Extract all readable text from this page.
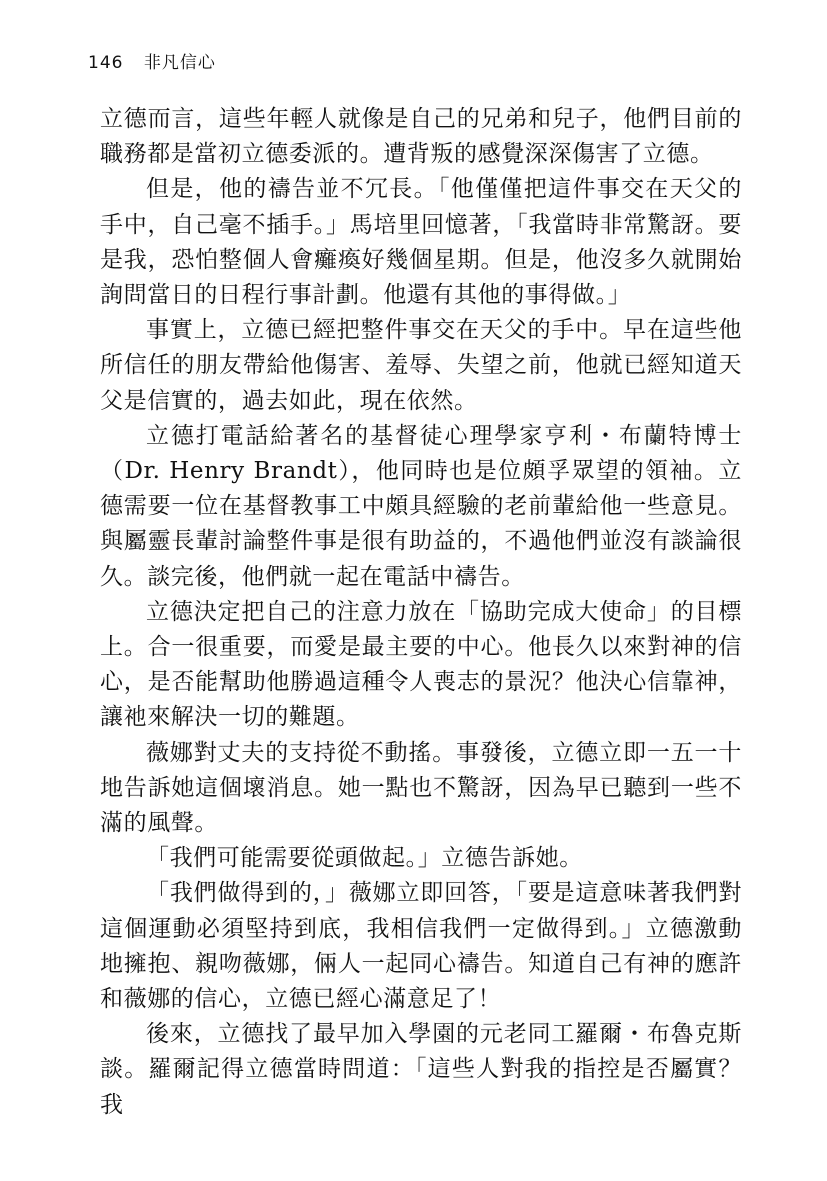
146 非凡信心

立德而言，這些年輕人就像是自己的兄弟和兒子，他們目前的職務都是當初立德委派的。遭背叛的感覺深深傷害了立德。

但是，他的禱告並不冗長。「他僅僅把這件事交在天父的手中，自己毫不插手。」馬培里回憶著，「我當時非常驚訝。要是我，恐怕整個人會癱瘓好幾個星期。但是，他沒多久就開始詢問當日的日程行事計劃。他還有其他的事得做。」

事實上，立德已經把整件事交在天父的手中。早在這些他所信任的朋友帶給他傷害、羞辱、失望之前，他就已經知道天父是信實的，過去如此，現在依然。

立德打電話給著名的基督徒心理學家亨利・布蘭特博士（Dr. Henry Brandt），他同時也是位頗孚眾望的領袖。立德需要一位在基督教事工中頗具經驗的老前輩給他一些意見。與屬靈長輩討論整件事是很有助益的，不過他們並沒有談論很久。談完後，他們就一起在電話中禱告。

立德決定把自己的注意力放在「協助完成大使命」的目標上。合一很重要，而愛是最主要的中心。他長久以來對神的信心，是否能幫助他勝過這種令人喪志的景況？他決心信靠神，讓祂來解決一切的難題。

薇娜對丈夫的支持從不動搖。事發後，立德立即一五一十地告訴她這個壞消息。她一點也不驚訝，因為早已聽到一些不滿的風聲。

「我們可能需要從頭做起。」立德告訴她。

「我們做得到的，」薇娜立即回答，「要是這意味著我們對這個運動必須堅持到底，我相信我們一定做得到。」立德激動地擁抱、親吻薇娜，倆人一起同心禱告。知道自己有神的應許和薇娜的信心，立德已經心滿意足了！

後來，立德找了最早加入學園的元老同工羅爾・布魯克斯談。羅爾記得立德當時問道：「這些人對我的指控是否屬實？我
